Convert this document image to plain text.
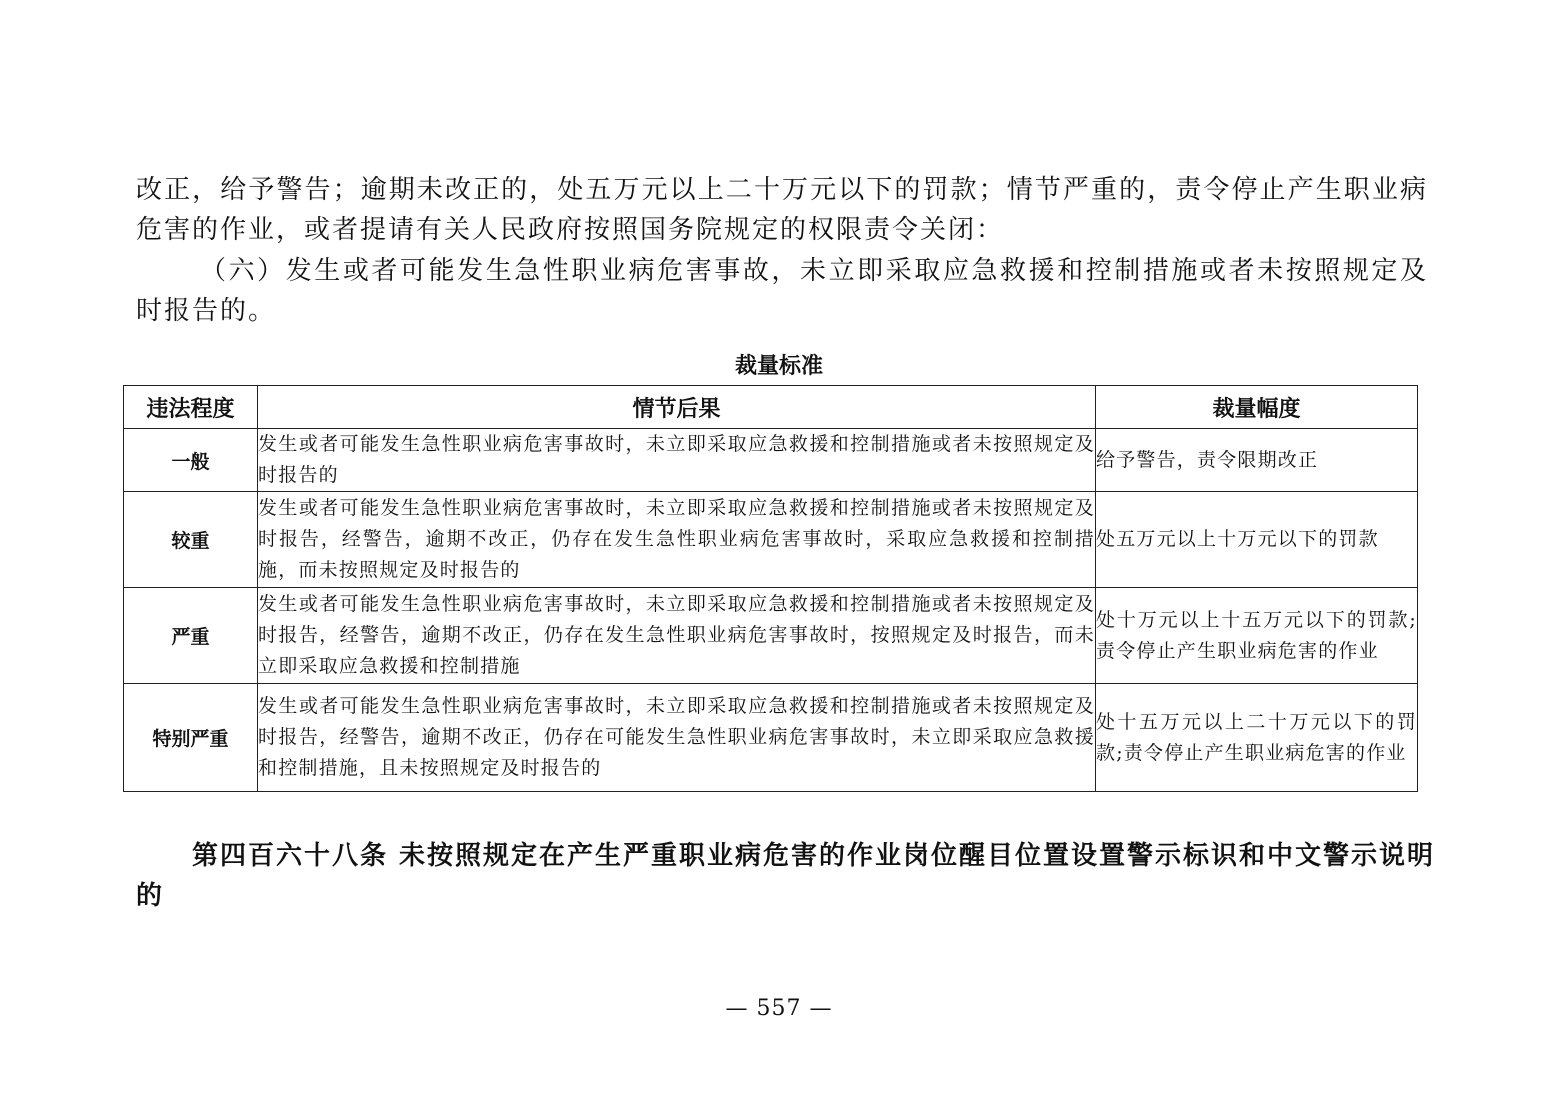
改正，给予警告；逾期未改正的，处五万元以上二十万元以下的罚款；情节严重的，责令停止产生职业病危害的作业，或者提请有关人民政府按照国务院规定的权限责令关闭：

（六）发生或者可能发生急性职业病危害事故，未立即采取应急救援和控制措施或者未按照规定及时报告的。

裁量标准
违法程度	情节后果	裁量幅度
一般	发生或者可能发生急性职业病危害事故时，未立即采取应急救援和控制措施或者未按照规定及时报告的	给予警告，责令限期改正
较重	发生或者可能发生急性职业病危害事故时，未立即采取应急救援和控制措施或者未按照规定及时报告，经警告，逾期不改正，仍存在发生急性职业病危害事故时，采取应急救援和控制措施，而未按照规定及时报告的	处五万元以上十万元以下的罚款
严重	发生或者可能发生急性职业病危害事故时，未立即采取应急救援和控制措施或者未按照规定及时报告，经警告，逾期不改正，仍存在发生急性职业病危害事故时，按照规定及时报告，而未立即采取应急救援和控制措施	处十万元以上十五万元以下的罚款;责令停止产生职业病危害的作业
特别严重	发生或者可能发生急性职业病危害事故时，未立即采取应急救援和控制措施或者未按照规定及时报告，经警告，逾期不改正，仍存在可能发生急性职业病危害事故时，未立即采取应急救援和控制措施，且未按照规定及时报告的	处十五万元以上二十万元以下的罚款;责令停止产生职业病危害的作业

第四百六十八条 未按照规定在产生严重职业病危害的作业岗位醒目位置设置警示标识和中文警示说明的

— 557 —
